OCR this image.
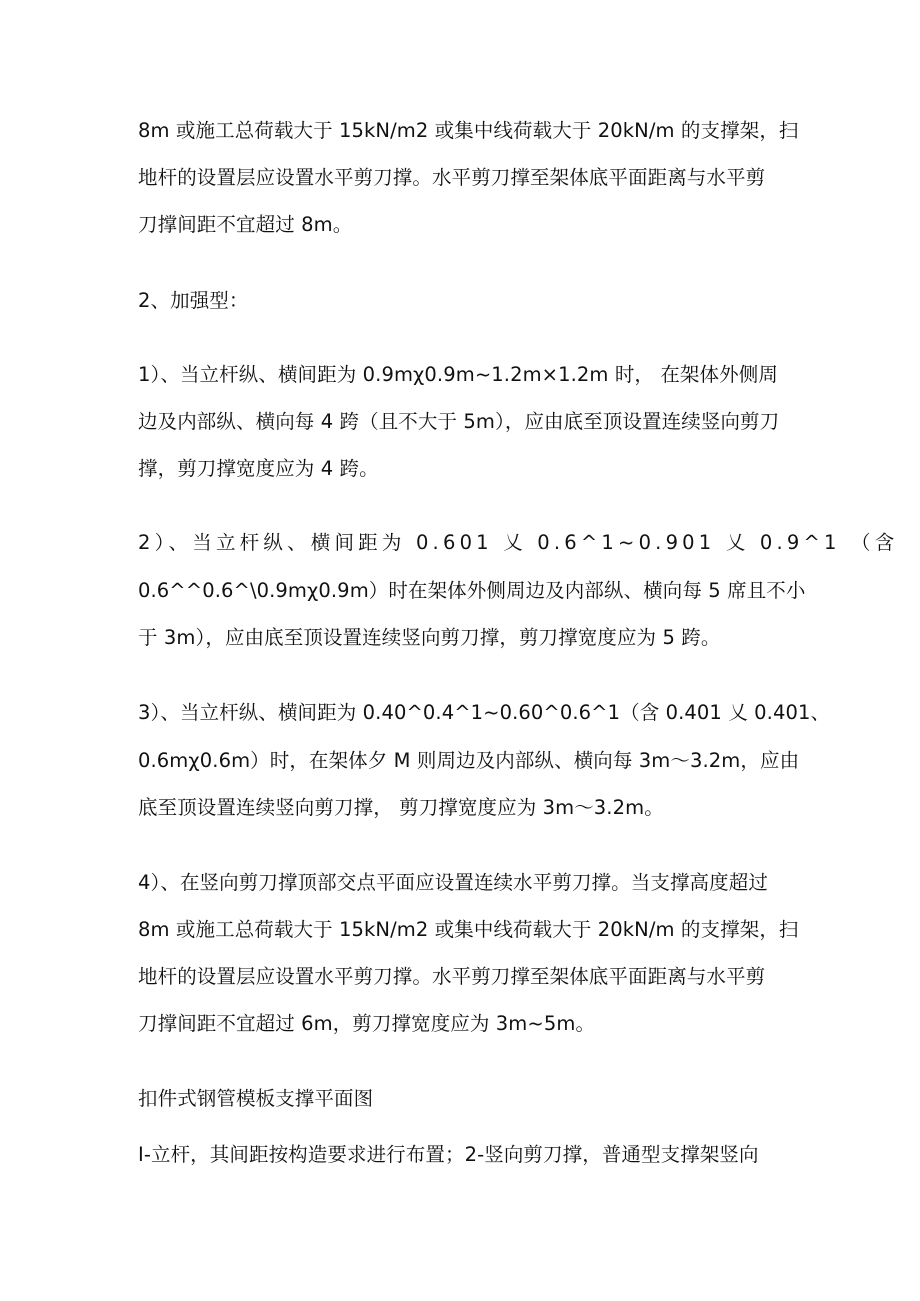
8m 或施工总荷载大于 15kN/m2 或集中线荷载大于 20kN/m 的支撑架，扫
地杆的设置层应设置水平剪刀撑。水平剪刀撑至架体底平面距离与水平剪
刀撑间距不宜超过 8m。
2、加强型：
1）、当立杆纵、横间距为 0.9mχ0.9m~1.2m×1.2m 时， 在架体外侧周
边及内部纵、横向每 4 跨（且不大于 5m），应由底至顶设置连续竖向剪刀
撑，剪刀撑宽度应为 4 跨。
2）、当立杆纵、横间距为 0.601 乂 0.6^1~0.901 乂 0.9^1 （含
0.6^^0.6^\0.9mχ0.9m）时在架体外侧周边及内部纵、横向每 5 席且不小
于 3m），应由底至顶设置连续竖向剪刀撑，剪刀撑宽度应为 5 跨。
3）、当立杆纵、横间距为 0.40^0.4^1~0.60^0.6^1（含 0.401 乂 0.401、
0.6mχ0.6m）时，在架体夕 M 则周边及内部纵、横向每 3m～3.2m，应由
底至顶设置连续竖向剪刀撑， 剪刀撑宽度应为 3m～3.2m。
4）、在竖向剪刀撑顶部交点平面应设置连续水平剪刀撑。当支撑高度超过
8m 或施工总荷载大于 15kN/m2 或集中线荷载大于 20kN/m 的支撑架，扫
地杆的设置层应设置水平剪刀撑。水平剪刀撑至架体底平面距离与水平剪
刀撑间距不宜超过 6m，剪刀撑宽度应为 3m~5m。
扣件式钢管模板支撑平面图
I-立杆，其间距按构造要求进行布置；2-竖向剪刀撑，普通型支撑架竖向
